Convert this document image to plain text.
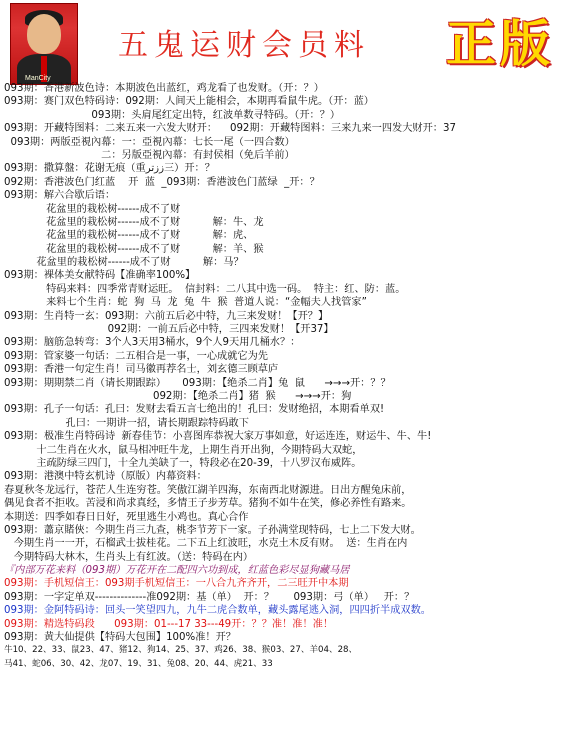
ManCity
五鬼运财会员料 正版
093期：香港新波色诗：本期波色出蓝红，鸡龙看了也发财。（开：？）
093期：赛门双色特码诗：092期：人间天上能相会，本期再看鼠牛虎。（开：蓝）
093期：头肩尾红定出特，红波单数寻特码。（开：？）
093期：开藏特图料：二来五来一六发大财开：    092期：开藏特图料：三来九来一四发大财开：37
093期：两版亞視內幕：一：亞視內幕：七长一尾（一四合数）
二：另版亞視內幕：有封侯相（免后羊前）
093期：撒算盤：花谢无痕（重ززتر三）开：？
092期：香港波色门红蓝    开  蓝  _093期：香港波色门蓝绿  _开：？
093期：解六合歇后语：
花盆里的栽松树------成不了财
花盆里的栽松树------成不了财          解：牛、龙
花盆里的栽松树------成不了财          解：虎、
花盆里的栽松树------成不了财          解：羊、猴
花盆里的栽松树------成不了财          解：马？
093期：裸体美女献特码【准确率100%】
特码来料：四季常青财运旺。  信封料：二八其中选一码。  特主：红、防：蓝。
来料七个生肖：蛇  狗  马  龙  兔  牛  猴  普道人说：“金幅夫人找管家”
093期：生肖特一玄：093期：六前五后必中特，九三来发财！【开？】
092期：一前五后必中特，三四来发财！【开37】
093期：脑筋急转弯：3个人3天用3桶水，9个人9天用几桶水？：
093期：管家婆一句话：二五相合是一事，一心成就它为先
093期：香港一句定生肖！司马徽再荐名士，刘玄德三顾草庐
093期：期期禁二肖（请长期跟踪）     093期：【绝杀二肖】兔  鼠      →→→开：？？
092期：【绝杀二肖】猪  猴      →→→开：狗
093期：孔子一句话：孔曰：发财去看五言七绝出的！孔曰：发财绝招，本期看单双!
孔曰：一期讲一招，请长期跟踪特码敢下
093期：极准生肖特码诗  新春佳节：小喜图库恭祝大家万事如意，好运连连，财运牛、牛、牛!
十二生肖在火水，鼠马相冲旺牛龙，上期生肖开出狗，今期特码大双蛇，
主疏防绿三四门，十全九美缺了一，特段必在20-39，十八罗汉布威阵。
093期：港澳中特玄机诗（原版）内幕资料：
春夏秋冬龙远行，苍茫人生连穷苍。笑傲江湖羊四海，东南西北财源进。日出方醒兔床前，
偶见食者不拒收。苦浸和尚求真经，多情王子步芳草。猪狗不如牛在笑，修必养性有路来。
本期送：四季如春日日好，死里逃生小鸡也。真心合作
093期：蕭京賭俠：今期生肖三九查，桃李节芳下一家。子孙满堂现特码，七上二下发大财。
今期生肖一一开，石榴武士拔桂花。二下五上红波旺，水克土木反有财。  送：生肖在内
今期特码大林木，生肖头上有红波。（送：特码在内）
『内部万花来料（093期）万花开在二配四六功到成，红蓝色彩尽显狗藏马居
093期：手机短信王：093期手机短信王：一八合九齐齐开，二三旺开中本期
093期：一字定单双--------------准092期：基（单）  开：？      093期：弓（单）   开：？
093期：金阿特码诗：回头一笑望四九，九牛二虎合数单，藏头露尾逃入洞，四四折半成双数。
093期：精选特码段      093期：01---17 33---49开：？？准！准！准！
093期：黄大仙提供【特码大包围】100%准！开？
牛10、22、33、鼠23、47、猪12、狗14、25、37、鸡26、38、猴03、27、羊04、28、
马41、蛇06、30、42、龙07、19、31、兔08、20、44、虎21、33
